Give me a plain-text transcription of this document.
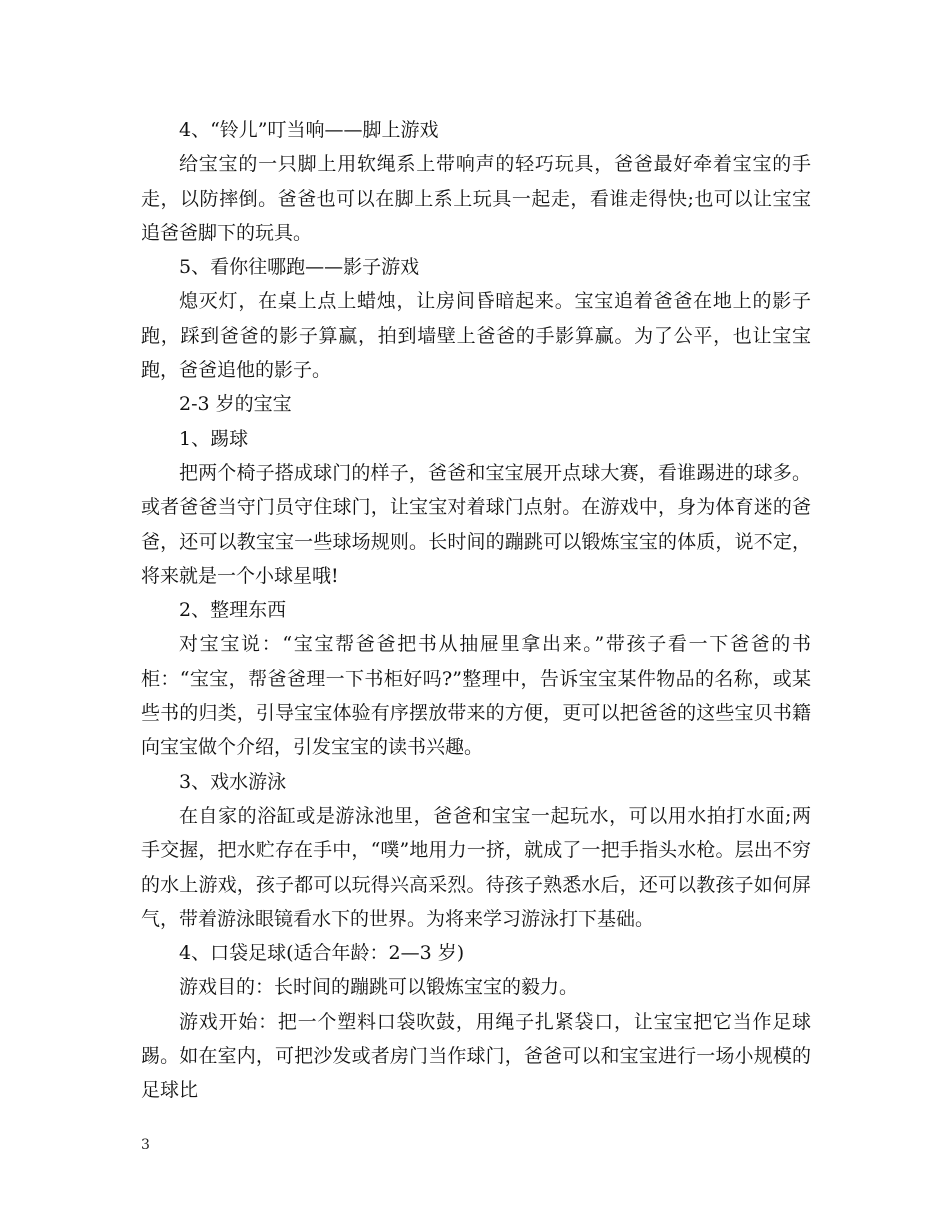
4、“铃儿”叮当响——脚上游戏

给宝宝的一只脚上用软绳系上带响声的轻巧玩具，爸爸最好牵着宝宝的手走，以防摔倒。爸爸也可以在脚上系上玩具一起走，看谁走得快;也可以让宝宝追爸爸脚下的玩具。

5、看你往哪跑——影子游戏

熄灭灯，在桌上点上蜡烛，让房间昏暗起来。宝宝追着爸爸在地上的影子跑，踩到爸爸的影子算赢，拍到墙壁上爸爸的手影算赢。为了公平，也让宝宝跑，爸爸追他的影子。

2-3 岁的宝宝

1、踢球

把两个椅子搭成球门的样子，爸爸和宝宝展开点球大赛，看谁踢进的球多。或者爸爸当守门员守住球门，让宝宝对着球门点射。在游戏中，身为体育迷的爸爸，还可以教宝宝一些球场规则。长时间的蹦跳可以锻炼宝宝的体质，说不定，将来就是一个小球星哦!

2、整理东西

对宝宝说：“宝宝帮爸爸把书从抽屉里拿出来。”带孩子看一下爸爸的书柜：“宝宝，帮爸爸理一下书柜好吗?”整理中，告诉宝宝某件物品的名称，或某些书的归类，引导宝宝体验有序摆放带来的方便，更可以把爸爸的这些宝贝书籍向宝宝做个介绍，引发宝宝的读书兴趣。

3、戏水游泳

在自家的浴缸或是游泳池里，爸爸和宝宝一起玩水，可以用水拍打水面;两手交握，把水贮存在手中，“噗”地用力一挤，就成了一把手指头水枪。层出不穷的水上游戏，孩子都可以玩得兴高采烈。待孩子熟悉水后，还可以教孩子如何屏气，带着游泳眼镜看水下的世界。为将来学习游泳打下基础。

4、口袋足球(适合年龄：2—3 岁)

游戏目的：长时间的蹦跳可以锻炼宝宝的毅力。

游戏开始：把一个塑料口袋吹鼓，用绳子扎紧袋口，让宝宝把它当作足球踢。如在室内，可把沙发或者房门当作球门，爸爸可以和宝宝进行一场小规模的足球比

3
